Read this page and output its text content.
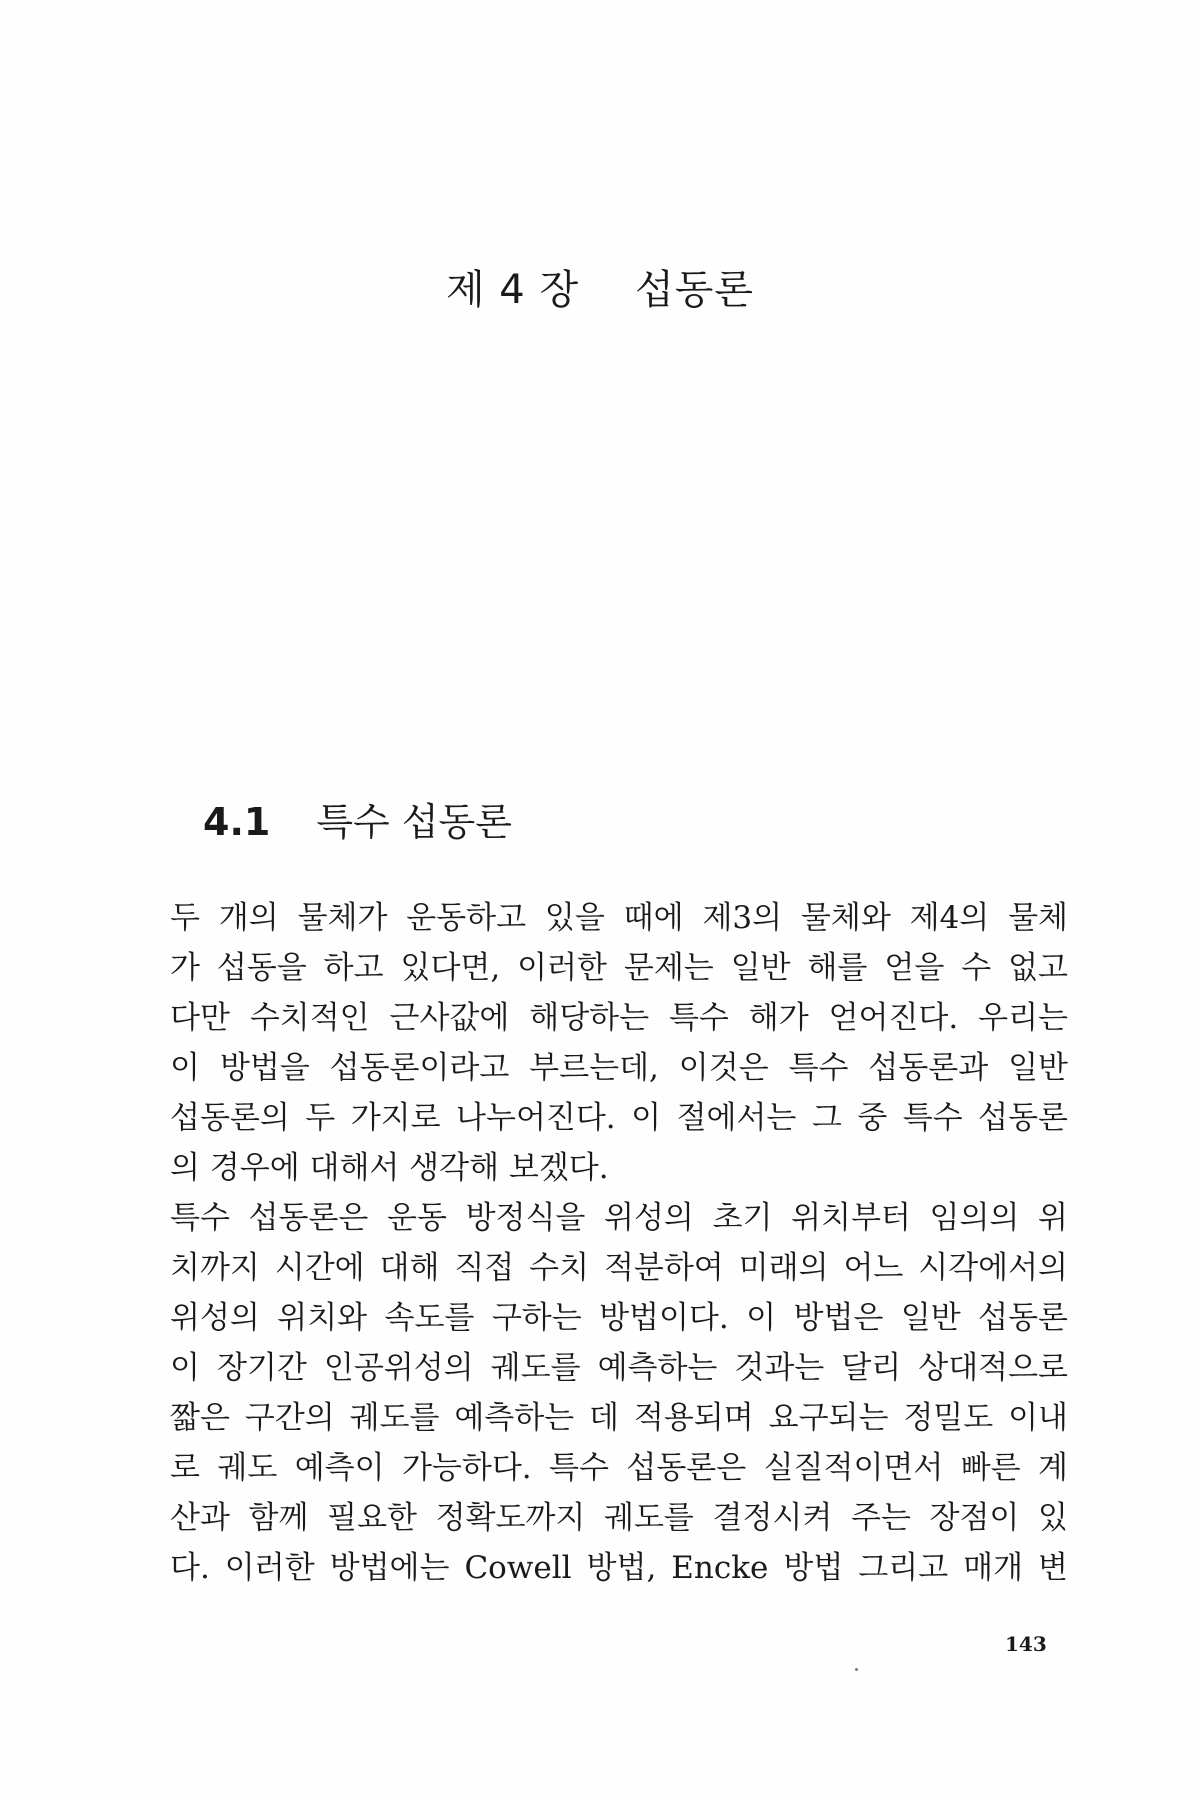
제 4 장 섭동론
4.1 특수 섭동론
두 개의 물체가 운동하고 있을 때에 제3의 물체와 제4의 물체
가 섭동을 하고 있다면, 이러한 문제는 일반 해를 얻을 수 없고
다만 수치적인 근사값에 해당하는 특수 해가 얻어진다. 우리는
이 방법을 섭동론이라고 부르는데, 이것은 특수 섭동론과 일반
섭동론의 두 가지로 나누어진다. 이 절에서는 그 중 특수 섭동론
의 경우에 대해서 생각해 보겠다.
특수 섭동론은 운동 방정식을 위성의 초기 위치부터 임의의 위
치까지 시간에 대해 직접 수치 적분하여 미래의 어느 시각에서의
위성의 위치와 속도를 구하는 방법이다. 이 방법은 일반 섭동론
이 장기간 인공위성의 궤도를 예측하는 것과는 달리 상대적으로
짧은 구간의 궤도를 예측하는 데 적용되며 요구되는 정밀도 이내
로 궤도 예측이 가능하다. 특수 섭동론은 실질적이면서 빠른 계
산과 함께 필요한 정확도까지 궤도를 결정시켜 주는 장점이 있
다. 이러한 방법에는 Cowell 방법, Encke 방법 그리고 매개 변
143
